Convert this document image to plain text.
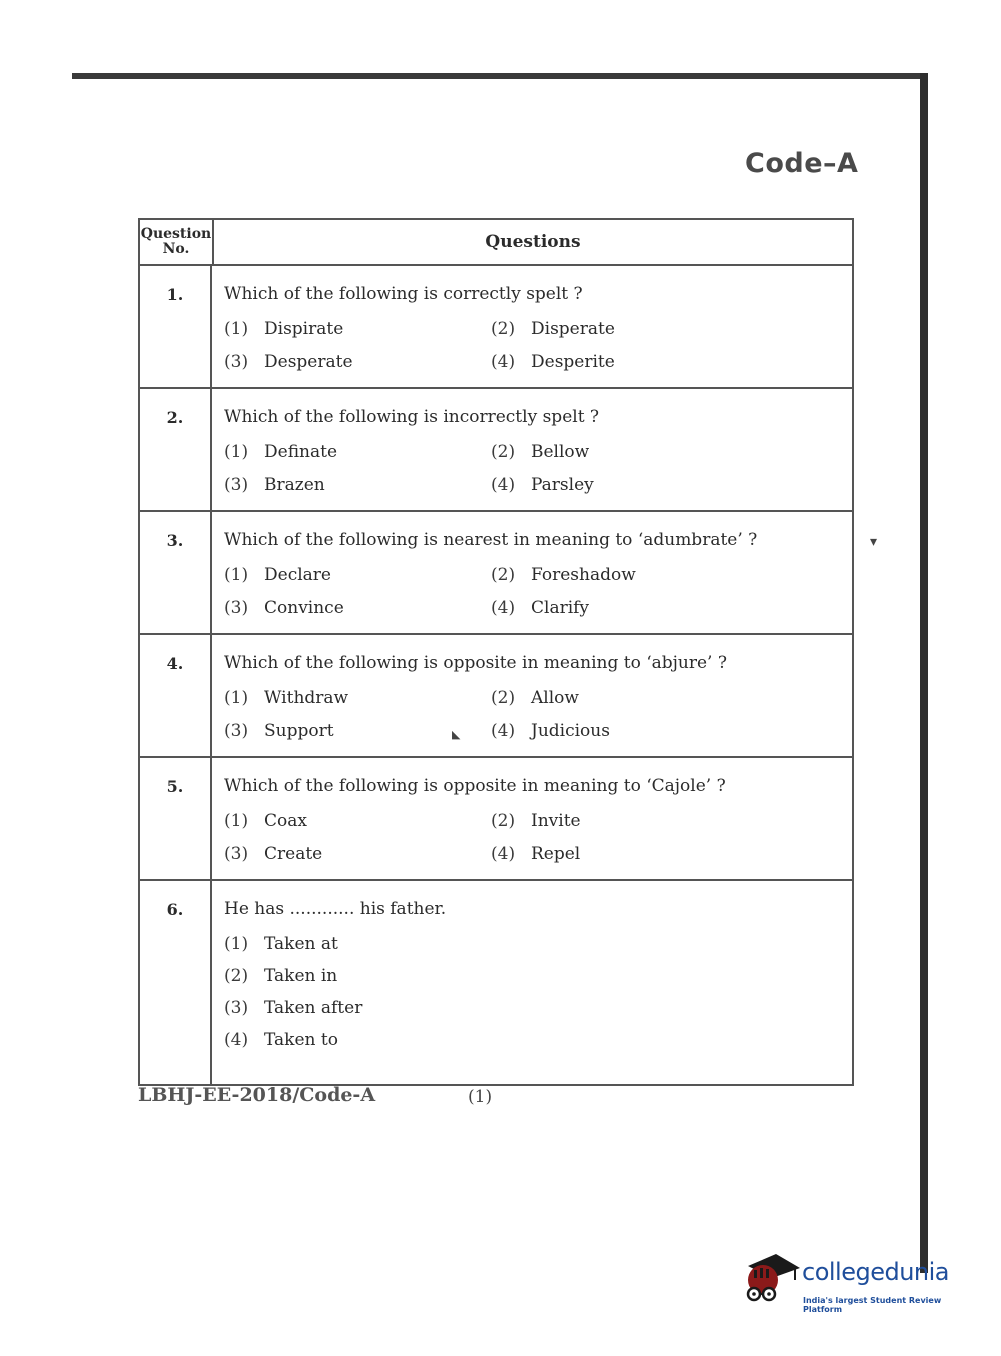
Code–A
Question
No.	Questions
1.	Which of the following is correctly spelt ?
(1) Dispirate	(2) Disperate
(3) Desperate	(4) Desperite
2.	Which of the following is incorrectly spelt ?
(1) Definate	(2) Bellow
(3) Brazen	(4) Parsley
3.	Which of the following is nearest in meaning to ‘adumbrate’ ?
(1) Declare	(2) Foreshadow
(3) Convince	(4) Clarify
4.	Which of the following is opposite in meaning to ‘abjure’ ?
(1) Withdraw	(2) Allow
(3) Support	(4) Judicious
5.	Which of the following is opposite in meaning to ‘Cajole’ ?
(1) Coax	(2) Invite
(3) Create	(4) Repel
6.	He has ............ his father.
(1) Taken at
(2) Taken in
(3) Taken after
(4) Taken to
LBHJ-EE-2018/Code-A	(1)
▾
◣
collegedunia
India's largest Student Review Platform
